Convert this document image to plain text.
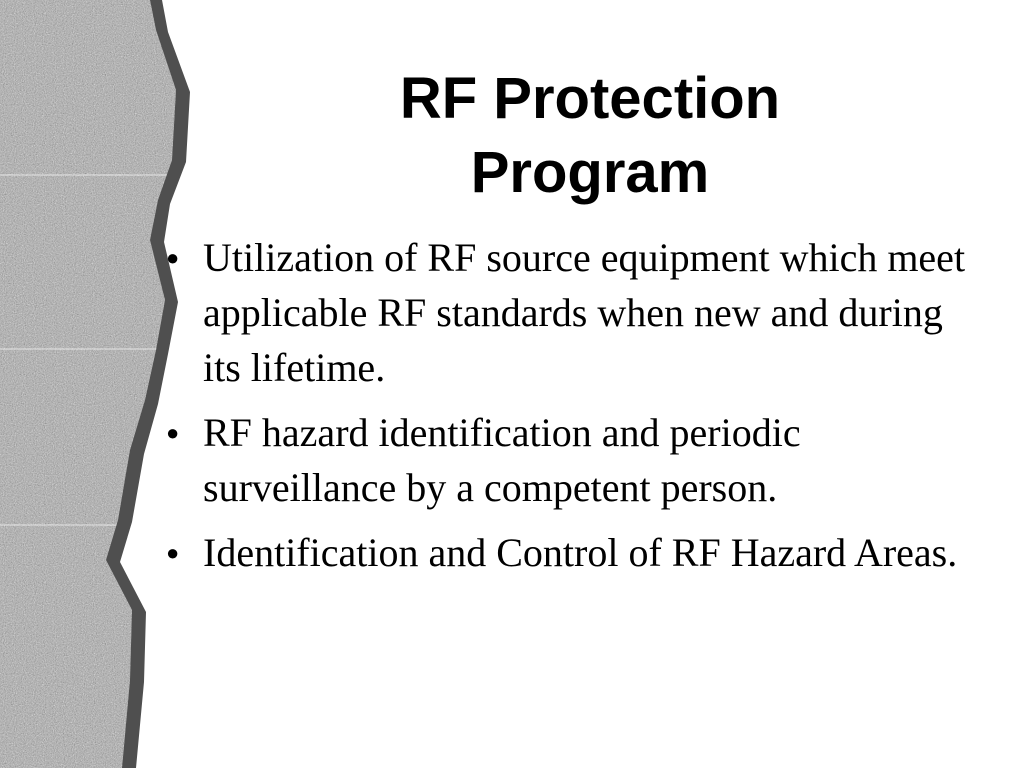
RF Protection
Program
● Utilization of RF source equipment which meet applicable RF standards when new and during its lifetime.
● RF hazard identification and periodic surveillance by a competent person.
● Identification and Control of RF Hazard Areas.
